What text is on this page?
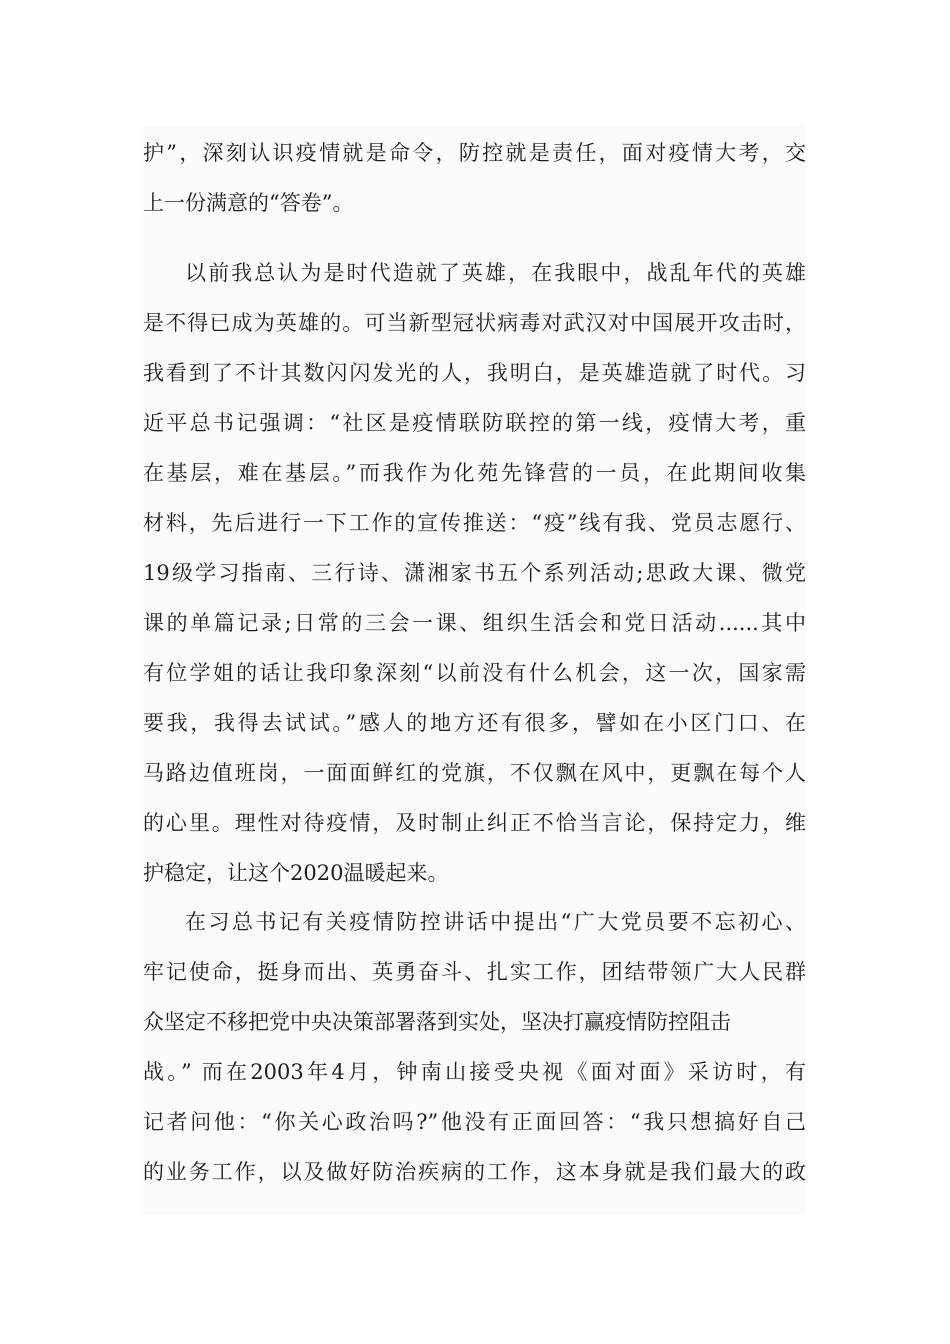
护”，深刻认识疫情就是命令，防控就是责任，面对疫情大考，交
上一份满意的“答卷”。
以前我总认为是时代造就了英雄，在我眼中，战乱年代的英雄
是不得已成为英雄的。可当新型冠状病毒对武汉对中国展开攻击时，
我看到了不计其数闪闪发光的人，我明白，是英雄造就了时代。习
近平总书记强调：“社区是疫情联防联控的第一线，疫情大考，重
在基层，难在基层。”而我作为化苑先锋营的一员，在此期间收集
材料，先后进行一下工作的宣传推送：“疫”线有我、党员志愿行、
19级学习指南、三行诗、潇湘家书五个系列活动;思政大课、微党
课的单篇记录;日常的三会一课、组织生活会和党日活动......其中
有位学姐的话让我印象深刻“以前没有什么机会，这一次，国家需
要我，我得去试试。”感人的地方还有很多，譬如在小区门口、在
马路边值班岗，一面面鲜红的党旗，不仅飘在风中，更飘在每个人
的心里。理性对待疫情，及时制止纠正不恰当言论，保持定力，维
护稳定，让这个2020温暖起来。
在习总书记有关疫情防控讲话中提出“广大党员要不忘初心、
牢记使命，挺身而出、英勇奋斗、扎实工作，团结带领广大人民群
众坚定不移把党中央决策部署落到实处，坚决打赢疫情防控阻击
战。” 而在2003年4月，钟南山接受央视《面对面》采访时，有
记者问他：“你关心政治吗?”他没有正面回答：“我只想搞好自己
的业务工作，以及做好防治疾病的工作，这本身就是我们最大的政
